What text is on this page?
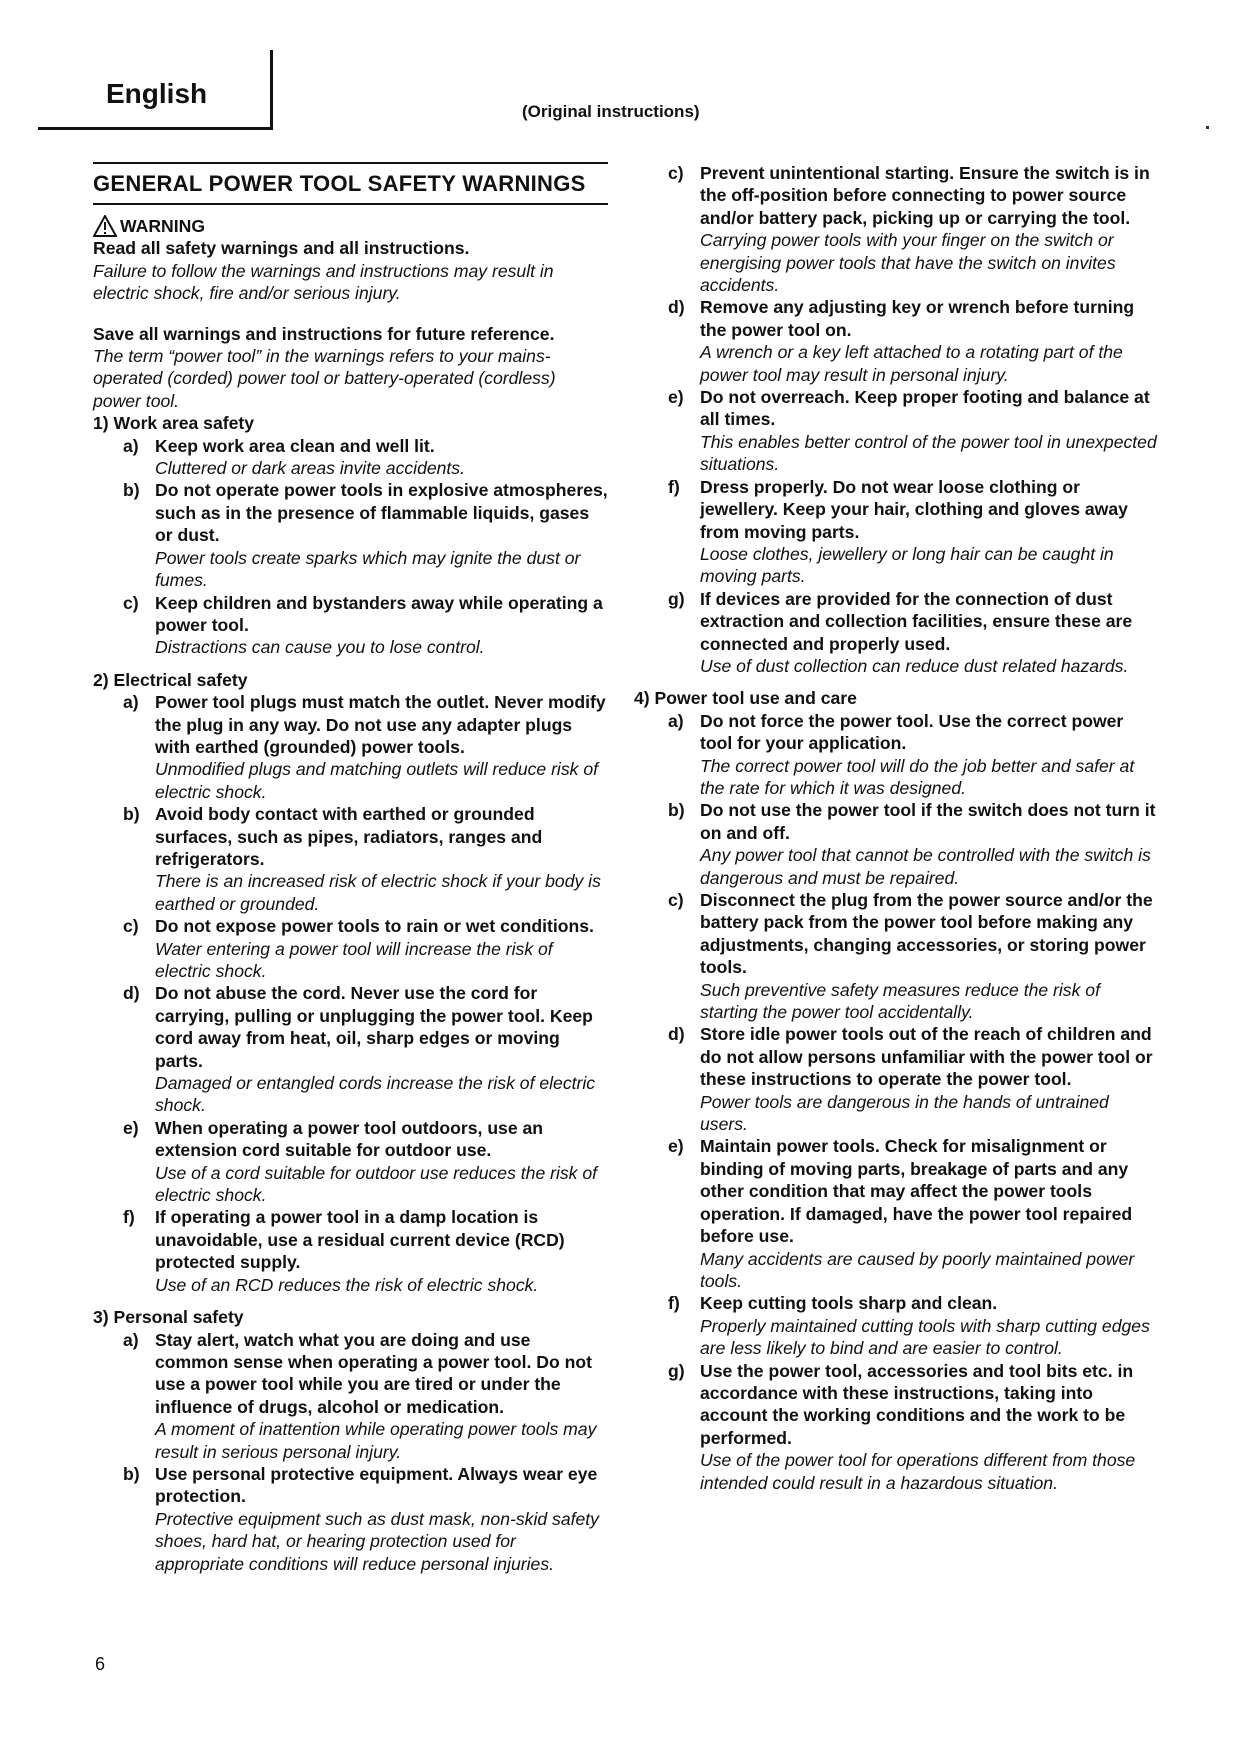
English
(Original instructions)
GENERAL POWER TOOL SAFETY WARNINGS
WARNING
Read all safety warnings and all instructions.
Failure to follow the warnings and instructions may result in electric shock, fire and/or serious injury.
Save all warnings and instructions for future reference.
The term “power tool” in the warnings refers to your mains-operated (corded) power tool or battery-operated (cordless) power tool.
1) Work area safety
a) Keep work area clean and well lit.
Cluttered or dark areas invite accidents.
b) Do not operate power tools in explosive atmospheres, such as in the presence of flammable liquids, gases or dust.
Power tools create sparks which may ignite the dust or fumes.
c) Keep children and bystanders away while operating a power tool.
Distractions can cause you to lose control.
2) Electrical safety
a) Power tool plugs must match the outlet. Never modify the plug in any way. Do not use any adapter plugs with earthed (grounded) power tools.
Unmodified plugs and matching outlets will reduce risk of electric shock.
b) Avoid body contact with earthed or grounded surfaces, such as pipes, radiators, ranges and refrigerators.
There is an increased risk of electric shock if your body is earthed or grounded.
c) Do not expose power tools to rain or wet conditions.
Water entering a power tool will increase the risk of electric shock.
d) Do not abuse the cord. Never use the cord for carrying, pulling or unplugging the power tool. Keep cord away from heat, oil, sharp edges or moving parts.
Damaged or entangled cords increase the risk of electric shock.
e) When operating a power tool outdoors, use an extension cord suitable for outdoor use.
Use of a cord suitable for outdoor use reduces the risk of electric shock.
f)	If operating a power tool in a damp location is unavoidable, use a residual current device (RCD) protected supply.
Use of an RCD reduces the risk of electric shock.
3) Personal safety
a) Stay alert, watch what you are doing and use common sense when operating a power tool. Do not use a power tool while you are tired or under the influence of drugs, alcohol or medication.
A moment of inattention while operating power tools may result in serious personal injury.
b) Use personal protective equipment. Always wear eye protection.
Protective equipment such as dust mask, non-skid safety shoes, hard hat, or hearing protection used for appropriate conditions will reduce personal injuries.
c) Prevent unintentional starting. Ensure the switch is in the off-position before connecting to power source and/or battery pack, picking up or carrying the tool.
Carrying power tools with your finger on the switch or energising power tools that have the switch on invites accidents.
d) Remove any adjusting key or wrench before turning the power tool on.
A wrench or a key left attached to a rotating part of the power tool may result in personal injury.
e) Do not overreach. Keep proper footing and balance at all times.
This enables better control of the power tool in unexpected situations.
f)	Dress properly. Do not wear loose clothing or jewellery. Keep your hair, clothing and gloves away from moving parts.
Loose clothes, jewellery or long hair can be caught in moving parts.
g) If devices are provided for the connection of dust extraction and collection facilities, ensure these are connected and properly used.
Use of dust collection can reduce dust related hazards.
4) Power tool use and care
a) Do not force the power tool. Use the correct power tool for your application.
The correct power tool will do the job better and safer at the rate for which it was designed.
b) Do not use the power tool if the switch does not turn it on and off.
Any power tool that cannot be controlled with the switch is dangerous and must be repaired.
c) Disconnect the plug from the power source and/or the battery pack from the power tool before making any adjustments, changing accessories, or storing power tools.
Such preventive safety measures reduce the risk of starting the power tool accidentally.
d) Store idle power tools out of the reach of children and do not allow persons unfamiliar with the power tool or these instructions to operate the power tool.
Power tools are dangerous in the hands of untrained users.
e) Maintain power tools. Check for misalignment or binding of moving parts, breakage of parts and any other condition that may affect the power tools operation. If damaged, have the power tool repaired before use.
Many accidents are caused by poorly maintained power tools.
f)	Keep cutting tools sharp and clean.
Properly maintained cutting tools with sharp cutting edges are less likely to bind and are easier to control.
g) Use the power tool, accessories and tool bits etc. in accordance with these instructions, taking into account the working conditions and the work to be performed.
Use of the power tool for operations different from those intended could result in a hazardous situation.
6
